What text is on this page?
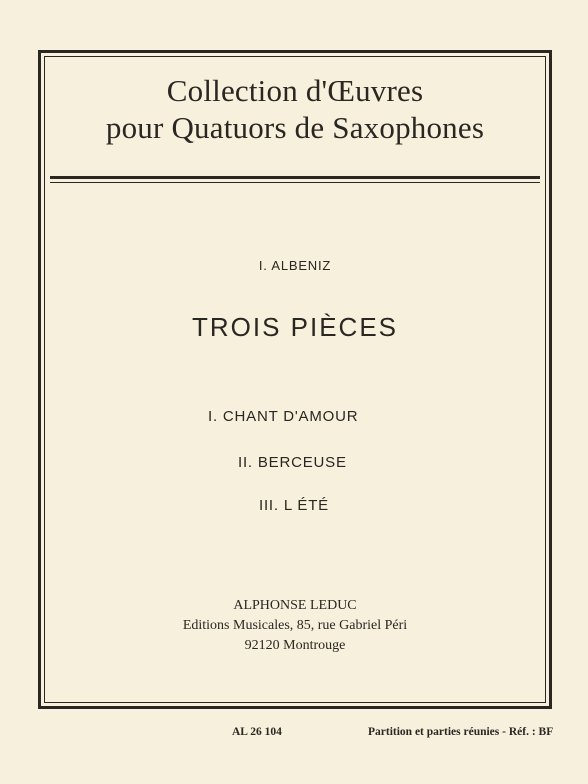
Collection d'Œuvres
pour Quatuors de Saxophones
I. ALBENIZ
TROIS PIÈCES
I. CHANT D'AMOUR
II. BERCEUSE
III. L ÉTÉ
ALPHONSE LEDUC
Editions Musicales, 85, rue Gabriel Péri
92120 Montrouge
AL 26 104	Partition et parties réunies - Réf. : BF
